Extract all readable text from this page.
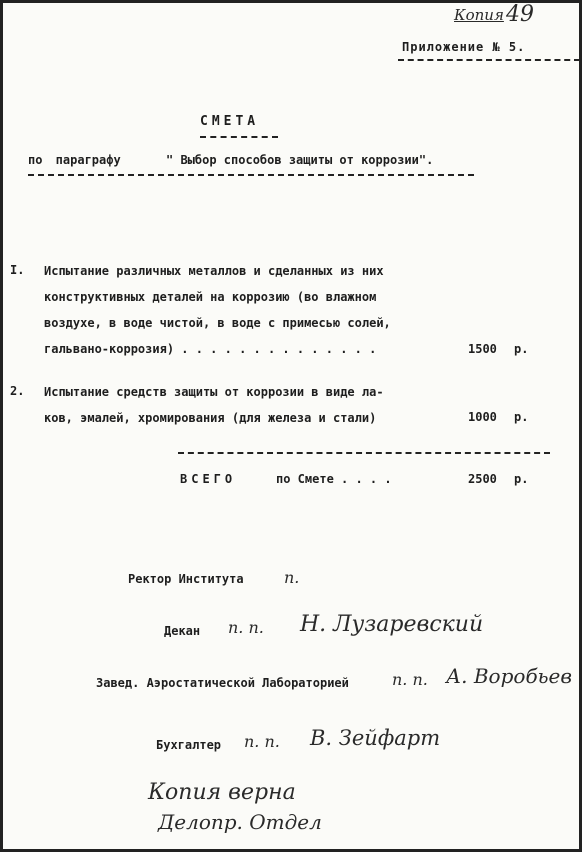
Копия 49
Приложение № 5.
СМЕТА
по параграфу	" Выбор способов защиты от коррозии".
I. Испытание различных металлов и сделанных из них
конструктивных деталей на коррозию (во влажном
воздухе, в воде чистой, в воде с примесью солей,
гальвано-коррозия) . . . . . . . . . . . . . .	1500 р.
2. Испытание средств защиты от коррозии в виде ла-
ков, эмалей, хромирования (для железа и стали)	1000 р.
ВСЕГО	по Смете . . . .	2500 р.
Ректор Института	п.
Декан п. п. Н. Лузаревский
Завед. Аэростатической Лабораторией	п. п. А. Воробьев
Бухгалтер п. п. В. Зейфарт
Копия верна
Делопр. Отдел
